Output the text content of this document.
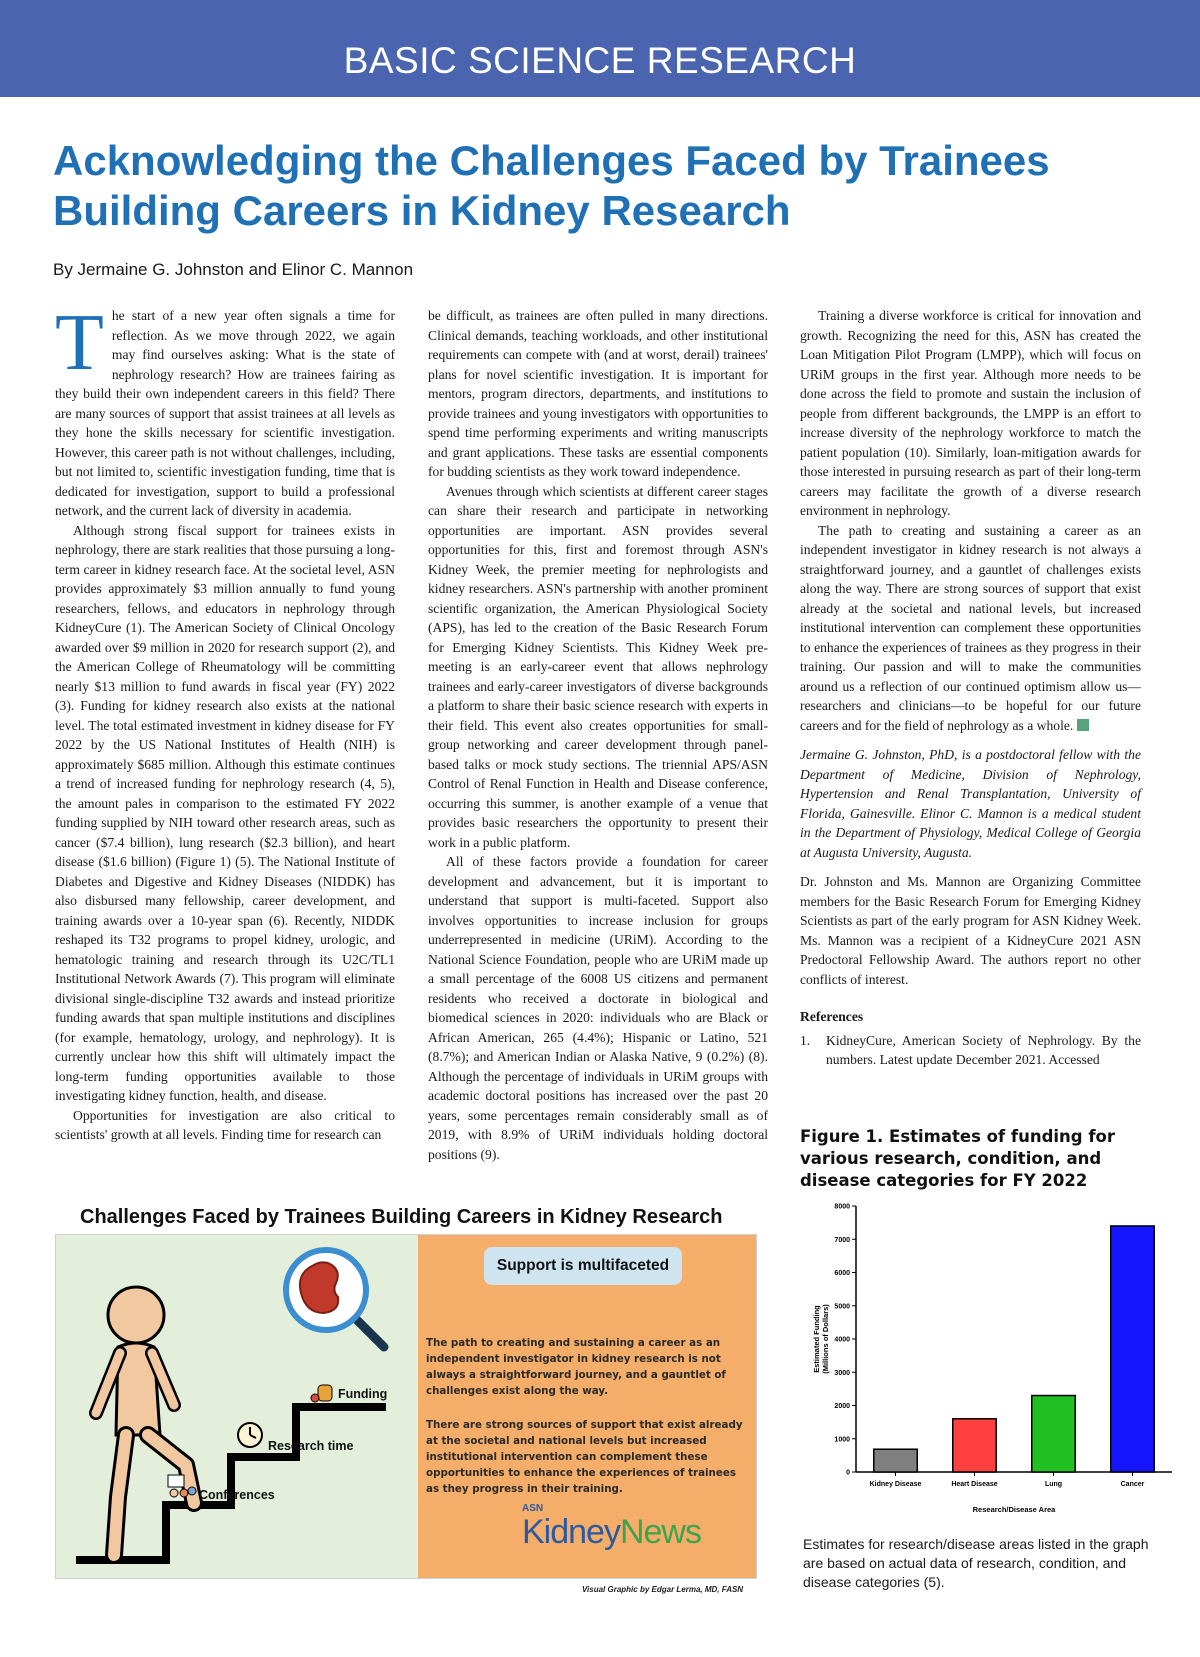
BASIC SCIENCE RESEARCH
Acknowledging the Challenges Faced by Trainees
Building Careers in Kidney Research
By Jermaine G. Johnston and Elinor C. Mannon

The start of a new year often signals a time for reflection. As we move through 2022, we again may find ourselves asking: What is the state of nephrology research? How are trainees fairing as they build their own independent careers in this field? There are many sources of support that assist trainees at all levels as they hone the skills necessary for scientific investigation. However, this career path is not without challenges, including, but not limited to, scientific investigation funding, time that is dedicated for investigation, support to build a professional network, and the current lack of diversity in academia.

Although strong fiscal support for trainees exists in nephrology, there are stark realities that those pursuing a long-term career in kidney research face. At the societal level, ASN provides approximately $3 million annually to fund young researchers, fellows, and educators in nephrology through KidneyCure (1). The American Society of Clinical Oncology awarded over $9 million in 2020 for research support (2), and the American College of Rheumatology will be committing nearly $13 million to fund awards in fiscal year (FY) 2022 (3). Funding for kidney research also exists at the national level. The total estimated investment in kidney disease for FY 2022 by the US National Institutes of Health (NIH) is approximately $685 million. Although this estimate continues a trend of increased funding for nephrology research (4, 5), the amount pales in comparison to the estimated FY 2022 funding supplied by NIH toward other research areas, such as cancer ($7.4 billion), lung research ($2.3 billion), and heart disease ($1.6 billion) (Figure 1) (5). The National Institute of Diabetes and Digestive and Kidney Diseases (NIDDK) has also disbursed many fellowship, career development, and training awards over a 10-year span (6). Recently, NIDDK reshaped its T32 programs to propel kidney, urologic, and hematologic training and research through its U2C/TL1 Institutional Network Awards (7). This program will eliminate divisional single-discipline T32 awards and instead prioritize funding awards that span multiple institutions and disciplines (for example, hematology, urology, and nephrology). It is currently unclear how this shift will ultimately impact the long-term funding opportunities available to those investigating kidney function, health, and disease.

Opportunities for investigation are also critical to scientists' growth at all levels. Finding time for research can

be difficult, as trainees are often pulled in many directions. Clinical demands, teaching workloads, and other institutional requirements can compete with (and at worst, derail) trainees' plans for novel scientific investigation. It is important for mentors, program directors, departments, and institutions to provide trainees and young investigators with opportunities to spend time performing experiments and writing manuscripts and grant applications. These tasks are essential components for budding scientists as they work toward independence.

Avenues through which scientists at different career stages can share their research and participate in networking opportunities are important. ASN provides several opportunities for this, first and foremost through ASN's Kidney Week, the premier meeting for nephrologists and kidney researchers. ASN's partnership with another prominent scientific organization, the American Physiological Society (APS), has led to the creation of the Basic Research Forum for Emerging Kidney Scientists. This Kidney Week pre-meeting is an early-career event that allows nephrology trainees and early-career investigators of diverse backgrounds a platform to share their basic science research with experts in their field. This event also creates opportunities for small-group networking and career development through panel-based talks or mock study sections. The triennial APS/ASN Control of Renal Function in Health and Disease conference, occurring this summer, is another example of a venue that provides basic researchers the opportunity to present their work in a public platform.

All of these factors provide a foundation for career development and advancement, but it is important to understand that support is multi-faceted. Support also involves opportunities to increase inclusion for groups underrepresented in medicine (URiM). According to the National Science Foundation, people who are URiM made up a small percentage of the 6008 US citizens and permanent residents who received a doctorate in biological and biomedical sciences in 2020: individuals who are Black or African American, 265 (4.4%); Hispanic or Latino, 521 (8.7%); and American Indian or Alaska Native, 9 (0.2%) (8). Although the percentage of individuals in URiM groups with academic doctoral positions has increased over the past 20 years, some percentages remain considerably small as of 2019, with 8.9% of URiM individuals holding doctoral positions (9).

Training a diverse workforce is critical for innovation and growth. Recognizing the need for this, ASN has created the Loan Mitigation Pilot Program (LMPP), which will focus on URiM groups in the first year. Although more needs to be done across the field to promote and sustain the inclusion of people from different backgrounds, the LMPP is an effort to increase diversity of the nephrology workforce to match the patient population (10). Similarly, loan-mitigation awards for those interested in pursuing research as part of their long-term careers may facilitate the growth of a diverse research environment in nephrology.

The path to creating and sustaining a career as an independent investigator in kidney research is not always a straightforward journey, and a gauntlet of challenges exists along the way. There are strong sources of support that exist already at the societal and national levels, but increased institutional intervention can complement these opportunities to enhance the experiences of trainees as they progress in their training. Our passion and will to make the communities around us a reflection of our continued optimism allow us—researchers and clinicians—to be hopeful for our future careers and for the field of nephrology as a whole.

Jermaine G. Johnston, PhD, is a postdoctoral fellow with the Department of Medicine, Division of Nephrology, Hypertension and Renal Transplantation, University of Florida, Gainesville. Elinor C. Mannon is a medical student in the Department of Physiology, Medical College of Georgia at Augusta University, Augusta.

Dr. Johnston and Ms. Mannon are Organizing Committee members for the Basic Research Forum for Emerging Kidney Scientists as part of the early program for ASN Kidney Week. Ms. Mannon was a recipient of a KidneyCure 2021 ASN Predoctoral Fellowship Award. The authors report no other conflicts of interest.

References

1.	KidneyCure, American Society of Nephrology. By the numbers. Latest update December 2021. Accessed
Figure 1. Estimates of funding for various research, condition, and disease categories for FY 2022
0
1000
2000
3000
4000
5000
6000
7000
8000
Kidney Disease	Heart Disease	Lung	Cancer
Research/Disease Area
Estimated Funding (Millions of Dollars)
Estimates for research/disease areas listed in the graph are based on actual data of research, condition, and disease categories (5).
Challenges Faced by Trainees Building Careers in Kidney Research
Funding
Research time
Conferences
Support is multifaceted
The path to creating and sustaining a career as an independent investigator in kidney research is not always a straightforward journey, and a gauntlet of challenges exist along the way.
There are strong sources of support that exist already at the societal and national levels but increased institutional intervention can complement these opportunities to enhance the experiences of trainees as they progress in their training.
ASN
KidneyNews
Visual Graphic by Edgar Lerma, MD, FASN
